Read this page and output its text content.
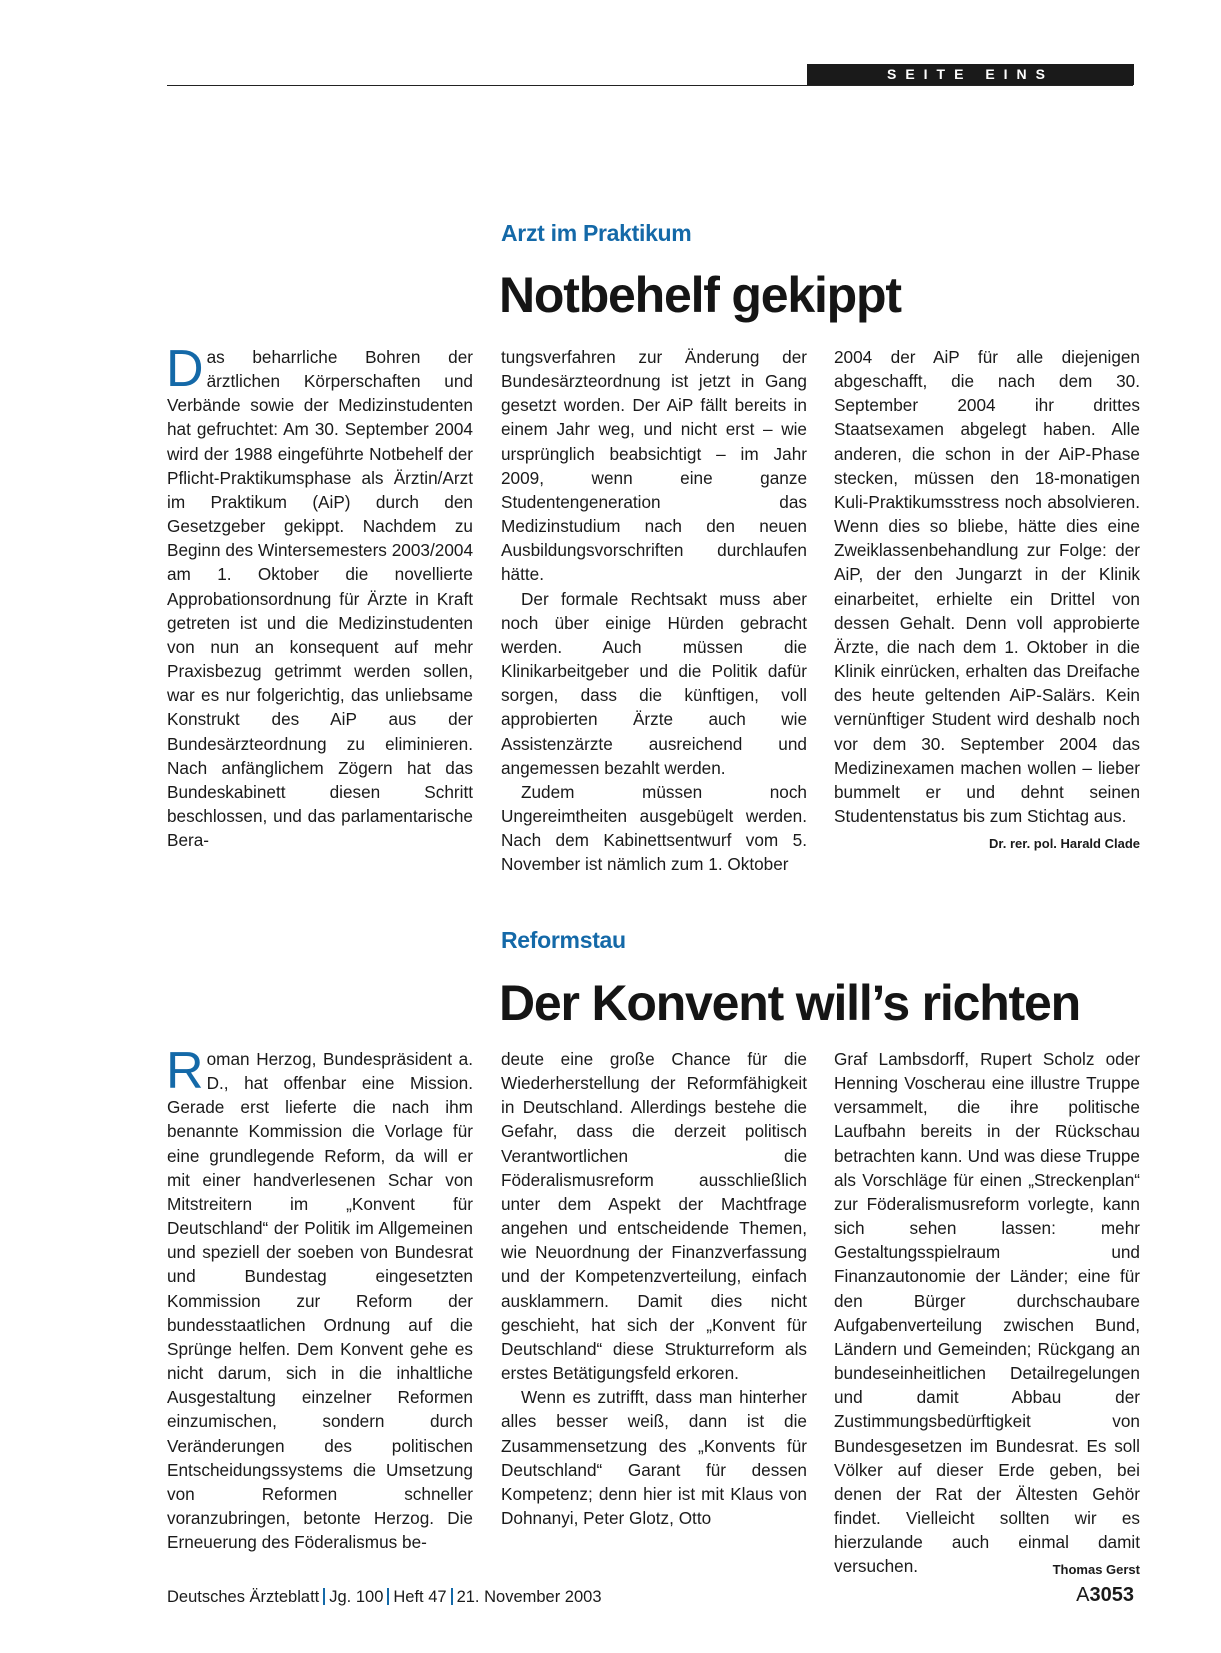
SEITE EINS
Arzt im Praktikum
Notbehelf gekippt

Das beharrliche Bohren der ärztlichen Körperschaften und Verbände sowie der Medizinstudenten hat gefruchtet: Am 30. September 2004 wird der 1988 eingeführte Notbehelf der Pflicht-Praktikumsphase als Ärztin/Arzt im Praktikum (AiP) durch den Gesetzgeber gekippt. Nachdem zu Beginn des Wintersemesters 2003/2004 am 1. Oktober die novellierte Approbationsordnung für Ärzte in Kraft getreten ist und die Medizinstudenten von nun an konsequent auf mehr Praxisbezug getrimmt werden sollen, war es nur folgerichtig, das unliebsame Konstrukt des AiP aus der Bundesärzteordnung zu eliminieren. Nach anfänglichem Zögern hat das Bundeskabinett diesen Schritt beschlossen, und das parlamentarische Bera-

tungsverfahren zur Änderung der Bundesärzteordnung ist jetzt in Gang gesetzt worden. Der AiP fällt bereits in einem Jahr weg, und nicht erst – wie ursprünglich beabsichtigt – im Jahr 2009, wenn eine ganze Studentengeneration das Medizinstudium nach den neuen Ausbildungsvorschriften durchlaufen hätte.

Der formale Rechtsakt muss aber noch über einige Hürden gebracht werden. Auch müssen die Klinikarbeitgeber und die Politik dafür sorgen, dass die künftigen, voll approbierten Ärzte auch wie Assistenzärzte ausreichend und angemessen bezahlt werden.

Zudem müssen noch Ungereimtheiten ausgebügelt werden. Nach dem Kabinettsentwurf vom 5. November ist nämlich zum 1. Oktober

2004 der AiP für alle diejenigen abgeschafft, die nach dem 30. September 2004 ihr drittes Staatsexamen abgelegt haben. Alle anderen, die schon in der AiP-Phase stecken, müssen den 18-monatigen Kuli-Praktikumsstress noch absolvieren. Wenn dies so bliebe, hätte dies eine Zweiklassenbehandlung zur Folge: der AiP, der den Jungarzt in der Klinik einarbeitet, erhielte ein Drittel von dessen Gehalt. Denn voll approbierte Ärzte, die nach dem 1. Oktober in die Klinik einrücken, erhalten das Dreifache des heute geltenden AiP-Salärs. Kein vernünftiger Student wird deshalb noch vor dem 30. September 2004 das Medizinexamen machen wollen – lieber bummelt er und dehnt seinen Studentenstatus bis zum Stichtag aus.
Dr. rer. pol. Harald Clade

Reformstau
Der Konvent will’s richten

Roman Herzog, Bundespräsident a. D., hat offenbar eine Mission. Gerade erst lieferte die nach ihm benannte Kommission die Vorlage für eine grundlegende Reform, da will er mit einer handverlesenen Schar von Mitstreitern im „Konvent für Deutschland“ der Politik im Allgemeinen und speziell der soeben von Bundesrat und Bundestag eingesetzten Kommission zur Reform der bundesstaatlichen Ordnung auf die Sprünge helfen. Dem Konvent gehe es nicht darum, sich in die inhaltliche Ausgestaltung einzelner Reformen einzumischen, sondern durch Veränderungen des politischen Entscheidungssystems die Umsetzung von Reformen schneller voranzubringen, betonte Herzog. Die Erneuerung des Föderalismus be-

deute eine große Chance für die Wiederherstellung der Reformfähigkeit in Deutschland. Allerdings bestehe die Gefahr, dass die derzeit politisch Verantwortlichen die Föderalismusreform ausschließlich unter dem Aspekt der Machtfrage angehen und entscheidende Themen, wie Neuordnung der Finanzverfassung und der Kompetenzverteilung, einfach ausklammern. Damit dies nicht geschieht, hat sich der „Konvent für Deutschland“ diese Strukturreform als erstes Betätigungsfeld erkoren.

Wenn es zutrifft, dass man hinterher alles besser weiß, dann ist die Zusammensetzung des „Konvents für Deutschland“ Garant für dessen Kompetenz; denn hier ist mit Klaus von Dohnanyi, Peter Glotz, Otto

Graf Lambsdorff, Rupert Scholz oder Henning Voscherau eine illustre Truppe versammelt, die ihre politische Laufbahn bereits in der Rückschau betrachten kann. Und was diese Truppe als Vorschläge für einen „Streckenplan“ zur Föderalismusreform vorlegte, kann sich sehen lassen: mehr Gestaltungsspielraum und Finanzautonomie der Länder; eine für den Bürger durchschaubare Aufgabenverteilung zwischen Bund, Ländern und Gemeinden; Rückgang an bundeseinheitlichen Detailregelungen und damit Abbau der Zustimmungsbedürftigkeit von Bundesgesetzen im Bundesrat. Es soll Völker auf dieser Erde geben, bei denen der Rat der Ältesten Gehör findet. Vielleicht sollten wir es hierzulande auch einmal damit versuchen.	Thomas Gerst

Deutsches Ärzteblatt Jg. 100 Heft 47 21. November 2003	A3053
